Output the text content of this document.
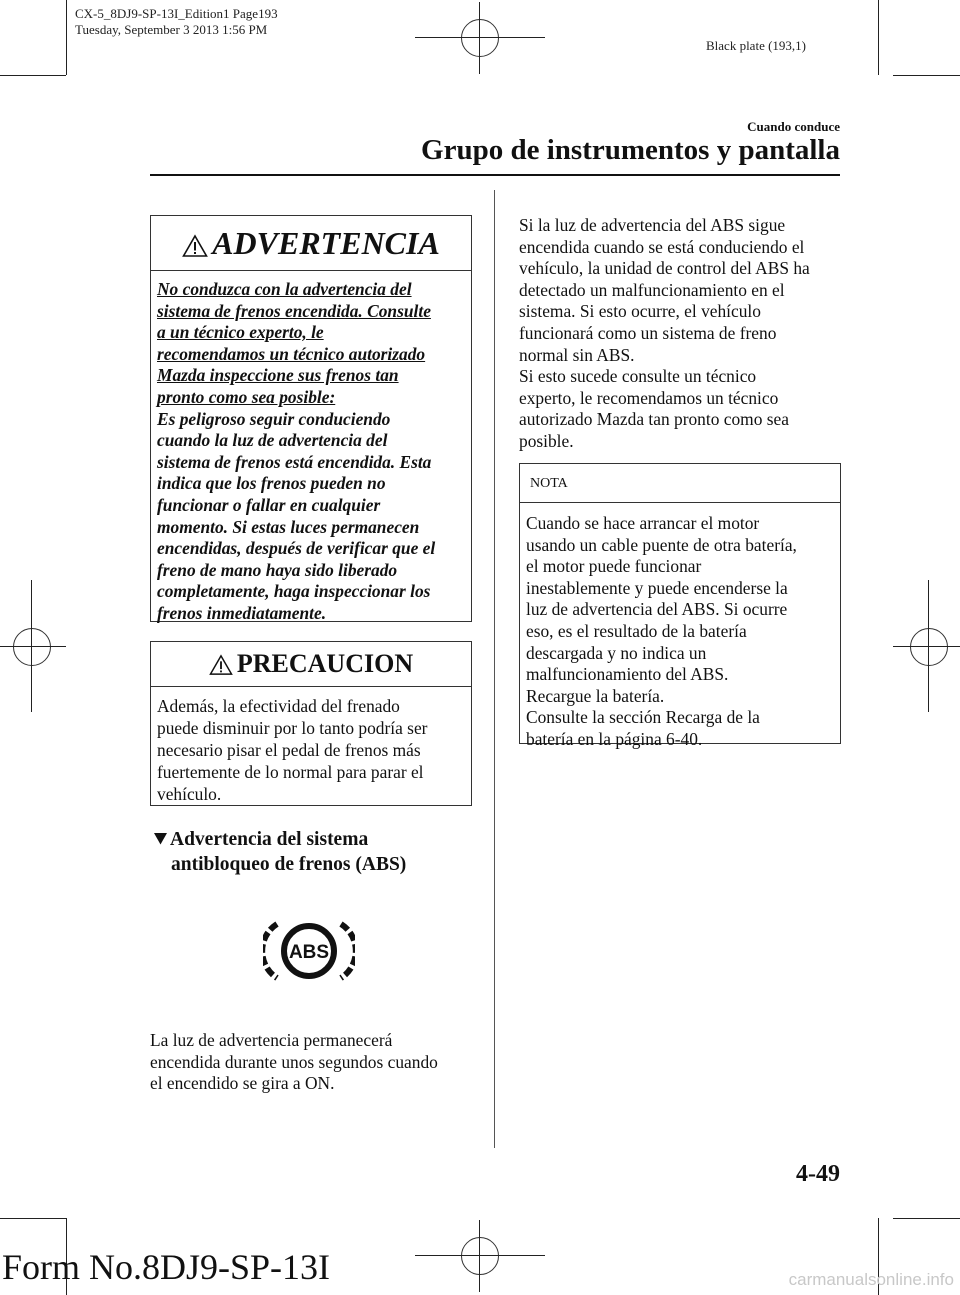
CX-5_8DJ9-SP-13I_Edition1 Page193
Tuesday, September 3 2013 1:56 PM
Black plate (193,1)
Cuando conduce
Grupo de instrumentos y pantalla
ADVERTENCIA
No conduzca con la advertencia del
sistema de frenos encendida. Consulte
a un técnico experto, le
recomendamos un técnico autorizado
Mazda inspeccione sus frenos tan
pronto como sea posible:
Es peligroso seguir conduciendo
cuando la luz de advertencia del
sistema de frenos está encendida. Esta
indica que los frenos pueden no
funcionar o fallar en cualquier
momento. Si estas luces permanecen
encendidas, después de verificar que el
freno de mano haya sido liberado
completamente, haga inspeccionar los
frenos inmediatamente.
PRECAUCION
Además, la efectividad del frenado
puede disminuir por lo tanto podría ser
necesario pisar el pedal de frenos más
fuertemente de lo normal para parar el
vehículo.
Advertencia del sistema
antibloqueo de frenos (ABS)
ABS
La luz de advertencia permanecerá
encendida durante unos segundos cuando
el encendido se gira a ON.
Si la luz de advertencia del ABS sigue
encendida cuando se está conduciendo el
vehículo, la unidad de control del ABS ha
detectado un malfuncionamiento en el
sistema. Si esto ocurre, el vehículo
funcionará como un sistema de freno
normal sin ABS.
Si esto sucede consulte un técnico
experto, le recomendamos un técnico
autorizado Mazda tan pronto como sea
posible.
NOTA
Cuando se hace arrancar el motor
usando un cable puente de otra batería,
el motor puede funcionar
inestablemente y puede encenderse la
luz de advertencia del ABS. Si ocurre
eso, es el resultado de la batería
descargada y no indica un
malfuncionamiento del ABS.
Recargue la batería.
Consulte la sección Recarga de la
batería en la página 6-40.
4-49
Form No.8DJ9-SP-13I	carmanualsonline.info
